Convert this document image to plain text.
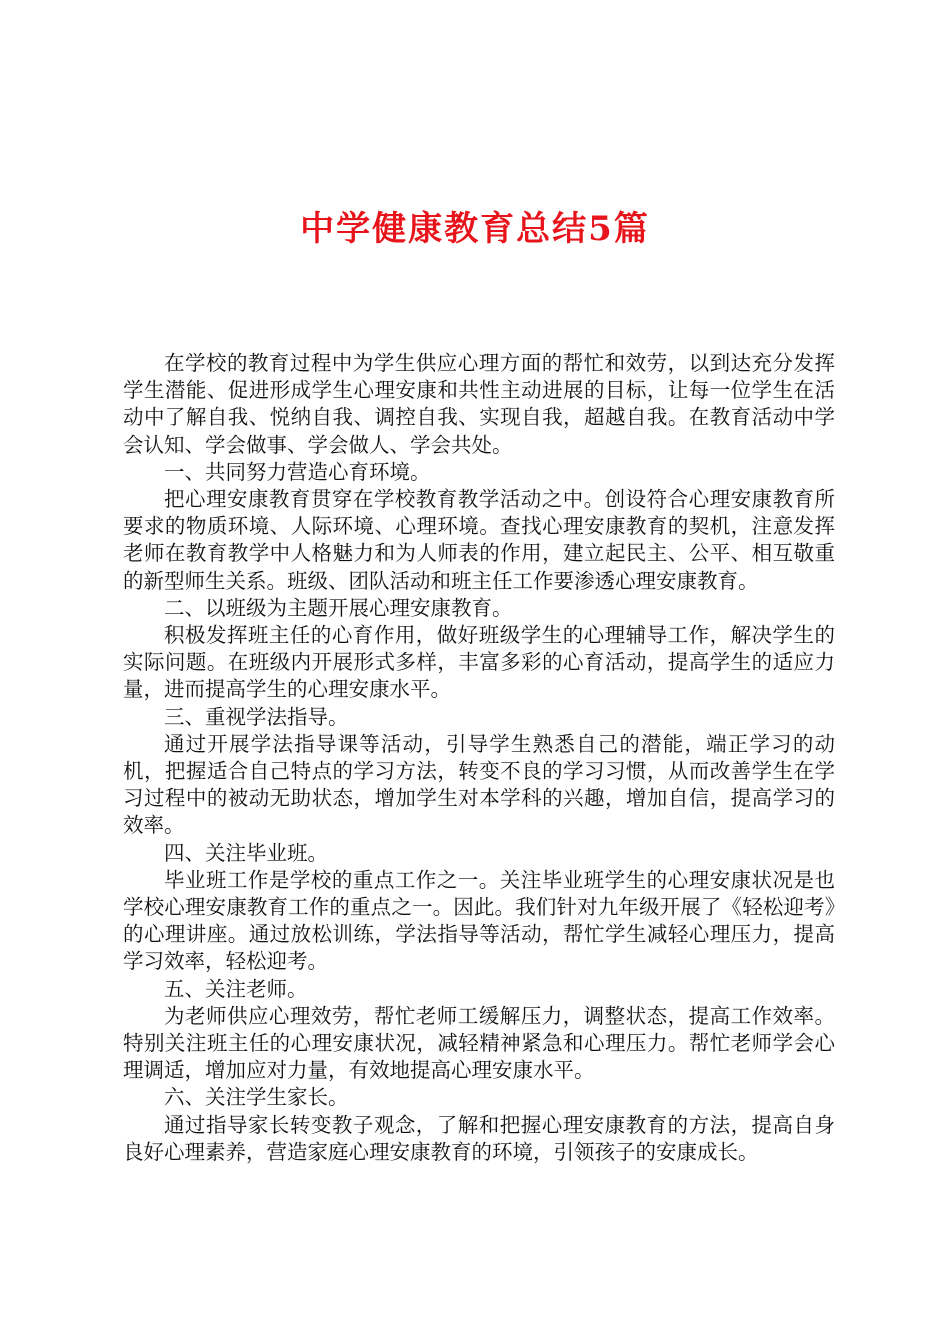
中学健康教育总结5篇

在学校的教育过程中为学生供应心理方面的帮忙和效劳，以到达充分发挥学生潜能、促进形成学生心理安康和共性主动进展的目标，让每一位学生在活动中了解自我、悦纳自我、调控自我、实现自我，超越自我。在教育活动中学会认知、学会做事、学会做人、学会共处。

一、共同努力营造心育环境。

把心理安康教育贯穿在学校教育教学活动之中。创设符合心理安康教育所要求的物质环境、人际环境、心理环境。查找心理安康教育的契机，注意发挥老师在教育教学中人格魅力和为人师表的作用，建立起民主、公平、相互敬重的新型师生关系。班级、团队活动和班主任工作要渗透心理安康教育。

二、以班级为主题开展心理安康教育。

积极发挥班主任的心育作用，做好班级学生的心理辅导工作，解决学生的实际问题。在班级内开展形式多样，丰富多彩的心育活动，提高学生的适应力量，进而提高学生的心理安康水平。

三、重视学法指导。

通过开展学法指导课等活动，引导学生熟悉自己的潜能，端正学习的动机，把握适合自己特点的学习方法，转变不良的学习习惯，从而改善学生在学习过程中的被动无助状态，增加学生对本学科的兴趣，增加自信，提高学习的效率。

四、关注毕业班。

毕业班工作是学校的重点工作之一。关注毕业班学生的心理安康状况是也学校心理安康教育工作的重点之一。因此。我们针对九年级开展了《轻松迎考》的心理讲座。通过放松训练，学法指导等活动，帮忙学生减轻心理压力，提高学习效率，轻松迎考。

五、关注老师。

为老师供应心理效劳，帮忙老师工缓解压力，调整状态，提高工作效率。特别关注班主任的心理安康状况，减轻精神紧急和心理压力。帮忙老师学会心理调适，增加应对力量，有效地提高心理安康水平。

六、关注学生家长。

通过指导家长转变教子观念，了解和把握心理安康教育的方法，提高自身良好心理素养，营造家庭心理安康教育的环境，引领孩子的安康成长。
